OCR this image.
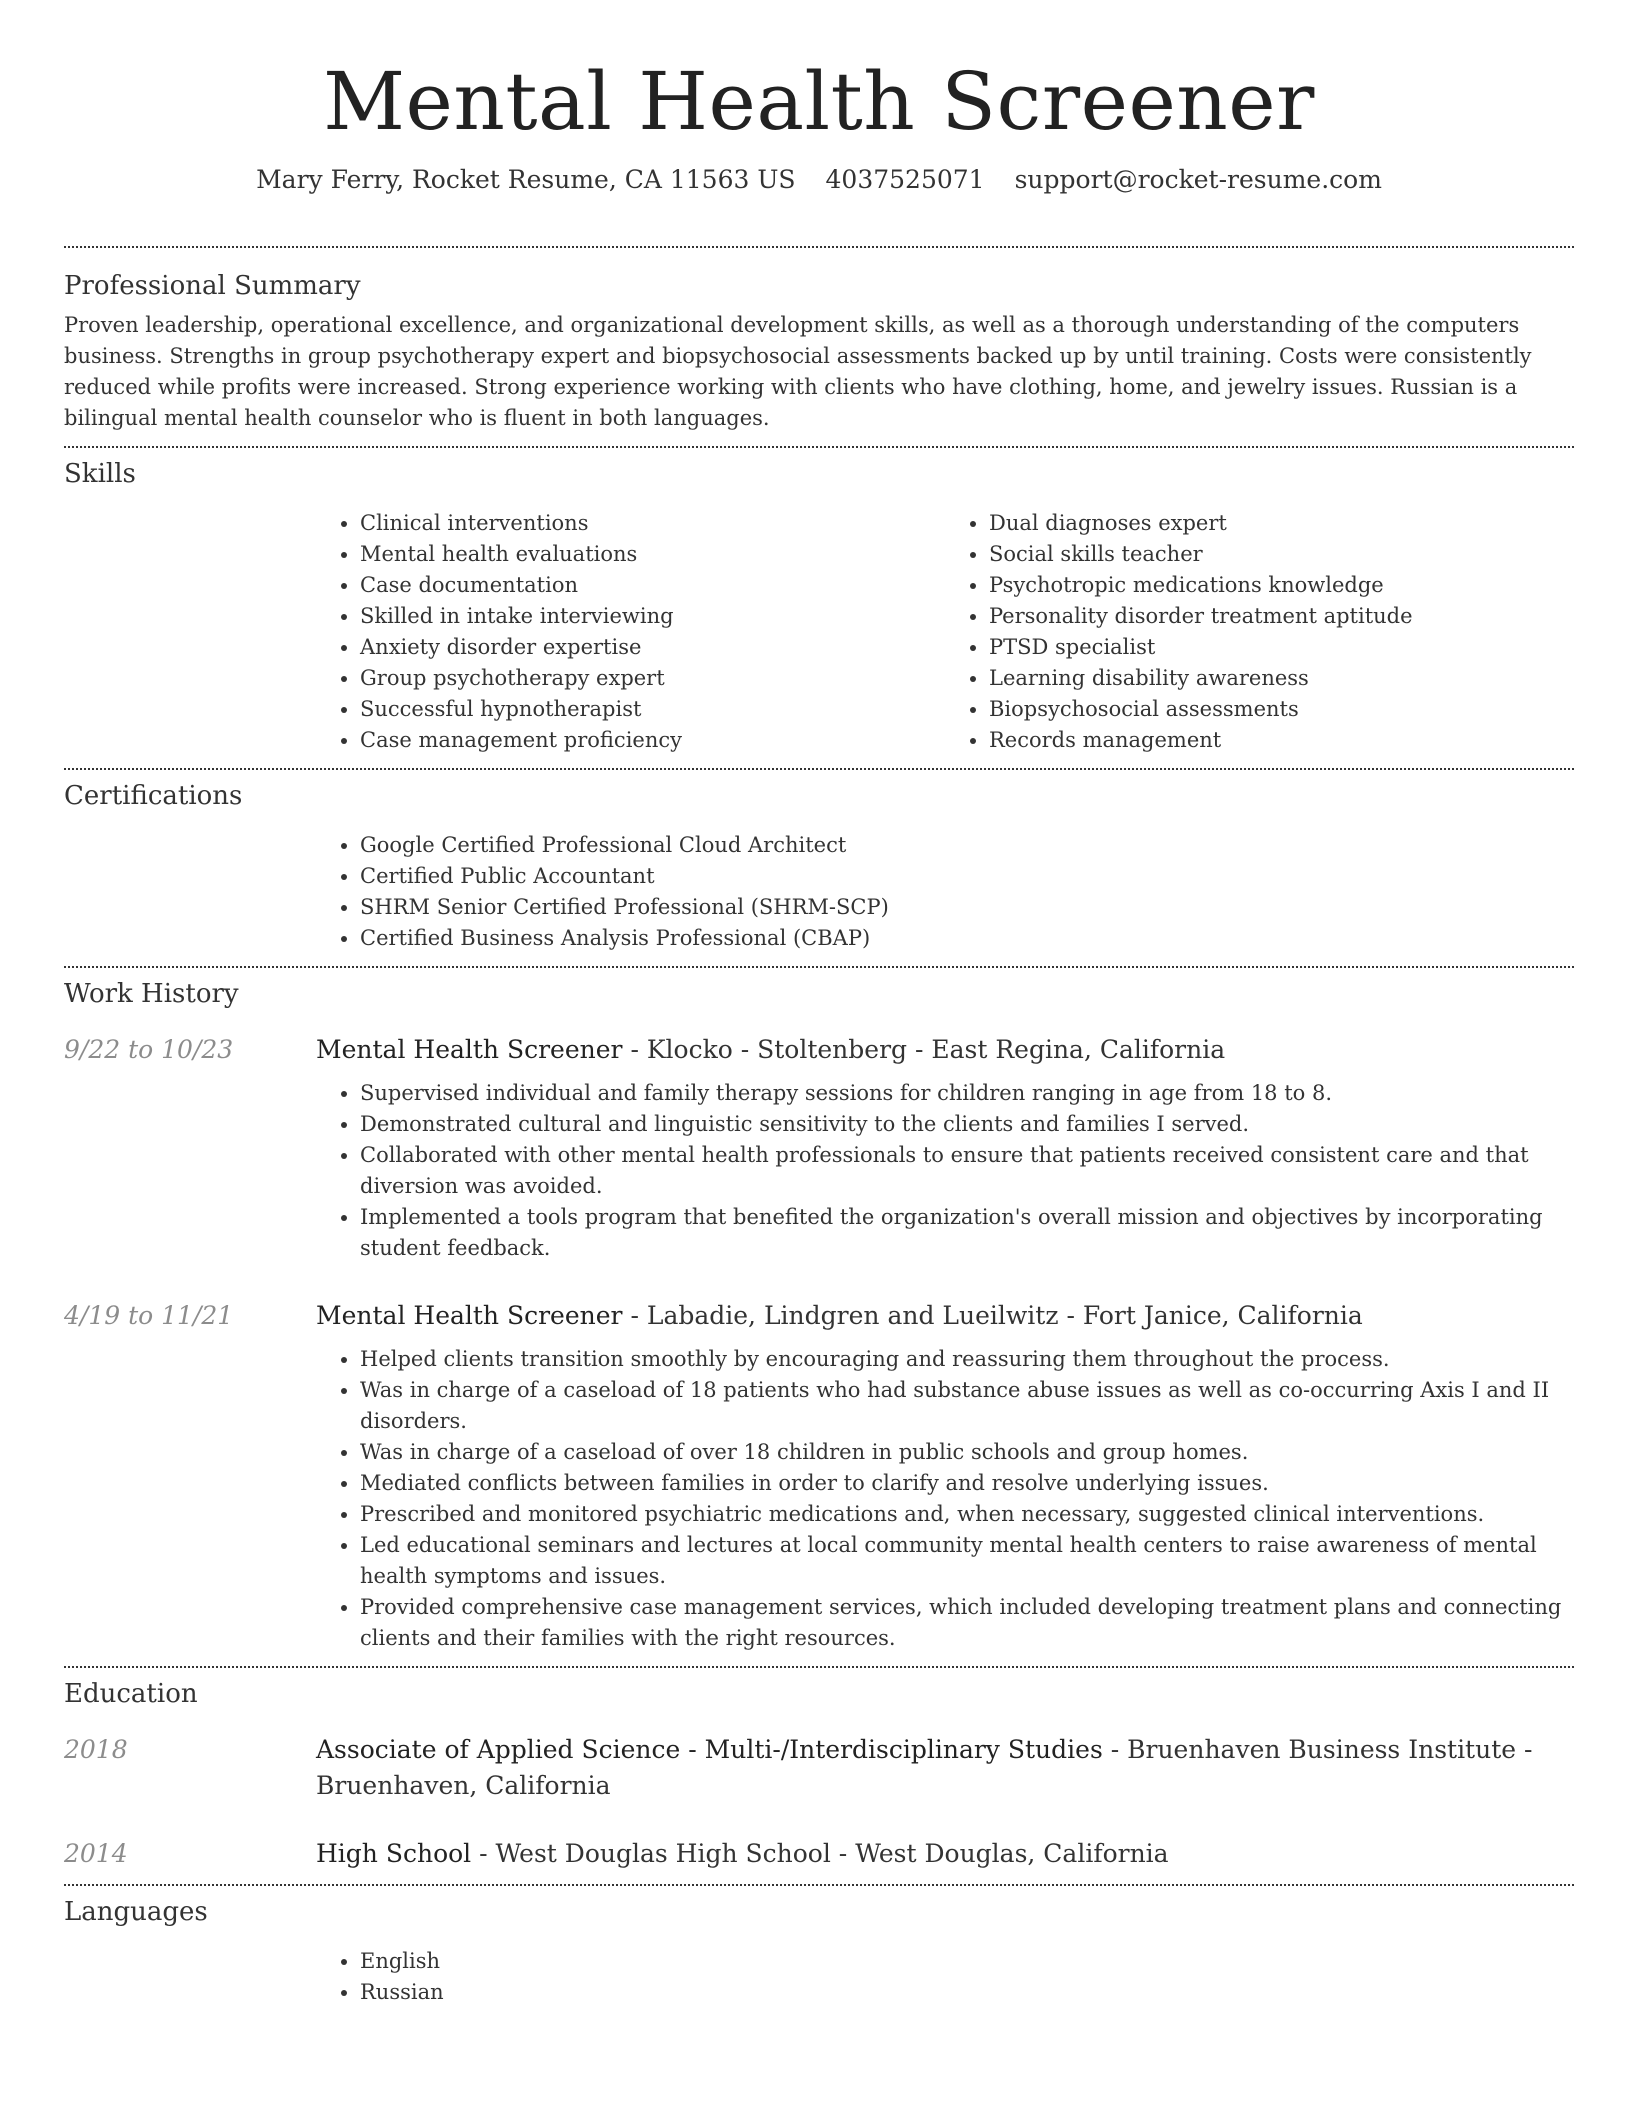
Mental Health Screener
Mary Ferry, Rocket Resume, CA 11563 US 4037525071 support@rocket-resume.com
Professional Summary

Proven leadership, operational excellence, and organizational development skills, as well as a thorough understanding of the computers business. Strengths in group psychotherapy expert and biopsychosocial assessments backed up by until training. Costs were consistently reduced while profits were increased. Strong experience working with clients who have clothing, home, and jewelry issues. Russian is a bilingual mental health counselor who is fluent in both languages.

Skills
• Clinical interventions
• Mental health evaluations
• Case documentation
• Skilled in intake interviewing
• Anxiety disorder expertise
• Group psychotherapy expert
• Successful hypnotherapist
• Case management proficiency
• Dual diagnoses expert
• Social skills teacher
• Psychotropic medications knowledge
• Personality disorder treatment aptitude
• PTSD specialist
• Learning disability awareness
• Biopsychosocial assessments
• Records management
Certifications
• Google Certified Professional Cloud Architect
• Certified Public Accountant
• SHRM Senior Certified Professional (SHRM-SCP)
• Certified Business Analysis Professional (CBAP)
Work History
9/22 to 10/23	Mental Health Screener - Klocko - Stoltenberg - East Regina, California
• Supervised individual and family therapy sessions for children ranging in age from 18 to 8.
• Demonstrated cultural and linguistic sensitivity to the clients and families I served.
• Collaborated with other mental health professionals to ensure that patients received consistent care and that diversion was avoided.
• Implemented a tools program that benefited the organization's overall mission and objectives by incorporating student feedback.
4/19 to 11/21	Mental Health Screener - Labadie, Lindgren and Lueilwitz - Fort Janice, California
• Helped clients transition smoothly by encouraging and reassuring them throughout the process.
• Was in charge of a caseload of 18 patients who had substance abuse issues as well as co-occurring Axis I and II disorders.
• Was in charge of a caseload of over 18 children in public schools and group homes.
• Mediated conflicts between families in order to clarify and resolve underlying issues.
• Prescribed and monitored psychiatric medications and, when necessary, suggested clinical interventions.
• Led educational seminars and lectures at local community mental health centers to raise awareness of mental health symptoms and issues.
• Provided comprehensive case management services, which included developing treatment plans and connecting clients and their families with the right resources.
Education
2018	Associate of Applied Science - Multi-/Interdisciplinary Studies - Bruenhaven Business Institute - Bruenhaven, California
2014	High School - West Douglas High School - West Douglas, California
Languages
• English
• Russian
